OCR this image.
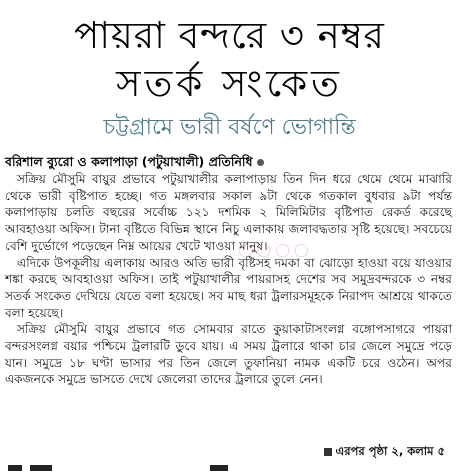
পায়রা বন্দরে ৩ নম্বর
সতর্ক সংকেত
চট্টগ্রামে ভারী বর্ষণে ভোগান্তি
বরিশাল ব্যুরো ও কলাপাড়া (পটুয়াখালী) প্রতিনিধি

সক্রিয় মৌসুমি বায়ুর প্রভাবে পটুয়াখালীর কলাপাড়ায় তিন দিন ধরে থেমে থেমে মাঝারি থেকে ভারী বৃষ্টিপাত হচ্ছে। গত মঙ্গলবার সকাল ৯টা থেকে গতকাল বুধবার ৯টা পর্যন্ত কলাপাড়ায় চলতি বছরের সর্বোচ্চ ১২১ দশমিক ২ মিলিমিটার বৃষ্টিপাত রেকর্ড করেছে আবহাওয়া অফিস। টানা বৃষ্টিতে বিভিন্ন স্থানে নিচু এলাকায় জলাবদ্ধতার সৃষ্টি হয়েছে। সবচেয়ে বেশি দুর্ভোগে পড়েছেন নিম্ন আয়ের খেটে খাওয়া মানুষ।

এদিকে উপকূলীয় এলাকায় আরও অতি ভারী বৃষ্টিসহ দমকা বা ঝোড়ো হাওয়া বয়ে যাওয়ার শঙ্কা করছে আবহাওয়া অফিস। তাই পটুয়াখালীর পায়রাসহ দেশের সব সমুদ্রবন্দরকে ৩ নম্বর সতর্ক সংকেত দেখিয়ে যেতে বলা হয়েছে। সব মাছ ধরা ট্রলারসমূহকে নিরাপদ আশ্রয়ে থাকতে বলা হয়েছে।

সক্রিয় মৌসুমি বায়ুর প্রভাবে গত সোমবার রাতে কুয়াকাটাসংলগ্ন বঙ্গোপসাগরে পায়রা বন্দরসংলগ্ন বয়ার পশ্চিমে ট্রলারটি ডুবে যায়। এ সময় ট্রলারে থাকা চার জেলে সমুদ্রে পড়ে যান। সমুদ্রে ১৮ ঘণ্টা ভাসার পর তিন জেলে তুফানিয়া নামক একটি চরে ওঠেন। অপর একজনকে সমুদ্রে ভাসতে দেখে জেলেরা তাদের ট্রলারে তুলে নেন।

◯ ◯ ◯ ◯
এরপর পৃষ্ঠা ২, কলাম ৫
